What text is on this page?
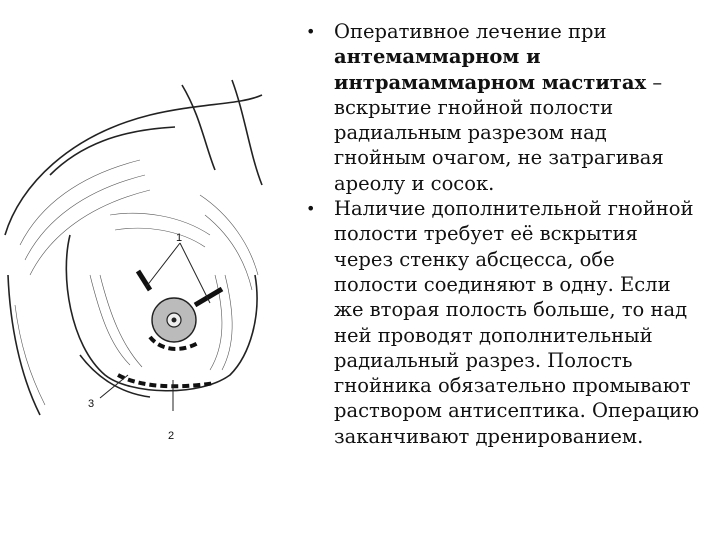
1
2
3
• Оперативное лечение при антемаммарном и интрамаммарном маститах – вскрытие гнойной полости радиальным разрезом над гнойным очагом, не затрагивая ареолу и сосок.
• Наличие дополнительной гнойной полости требует её вскрытия через стенку абсцесса, обе полости соединяют в одну. Если же вторая полость больше, то над ней проводят дополнительный радиальный разрез. Полость гнойника обязательно промывают раствором антисептика. Операцию заканчивают дренированием.
